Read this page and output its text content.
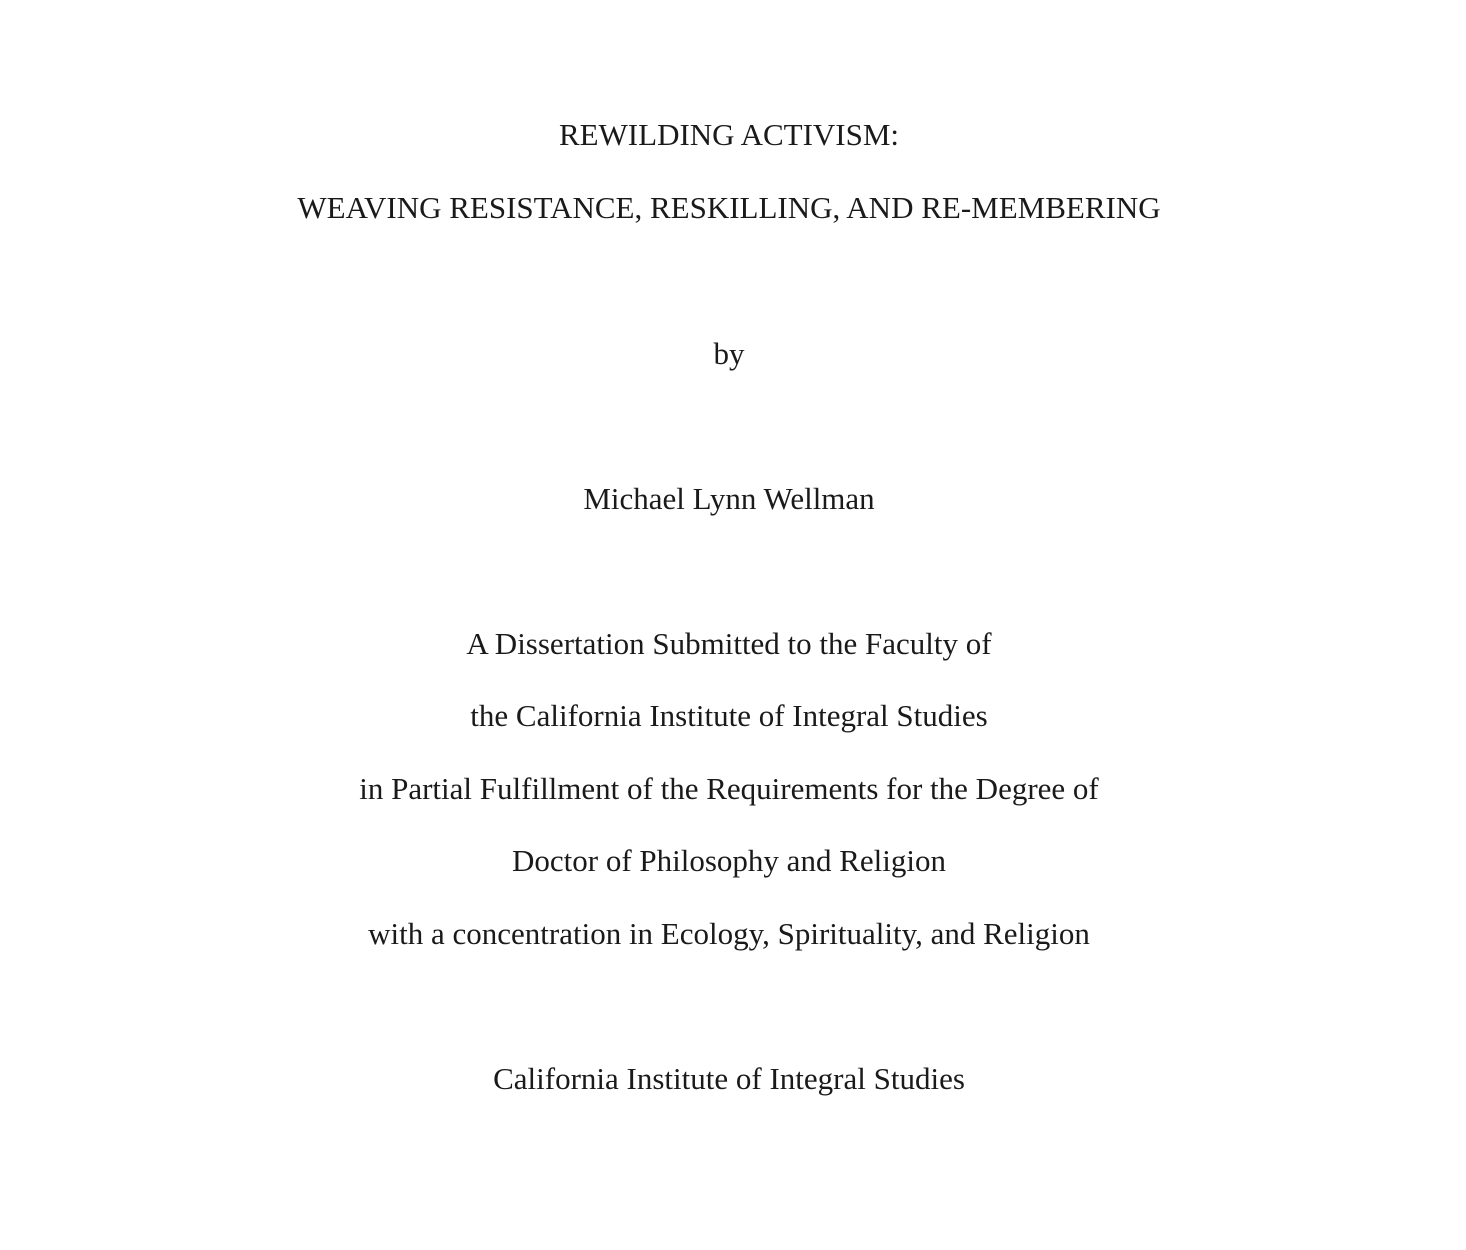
REWILDING ACTIVISM:
WEAVING RESISTANCE, RESKILLING, AND RE-MEMBERING
by
Michael Lynn Wellman
A Dissertation Submitted to the Faculty of
the California Institute of Integral Studies
in Partial Fulfillment of the Requirements for the Degree of
Doctor of Philosophy and Religion
with a concentration in Ecology, Spirituality, and Religion
California Institute of Integral Studies
